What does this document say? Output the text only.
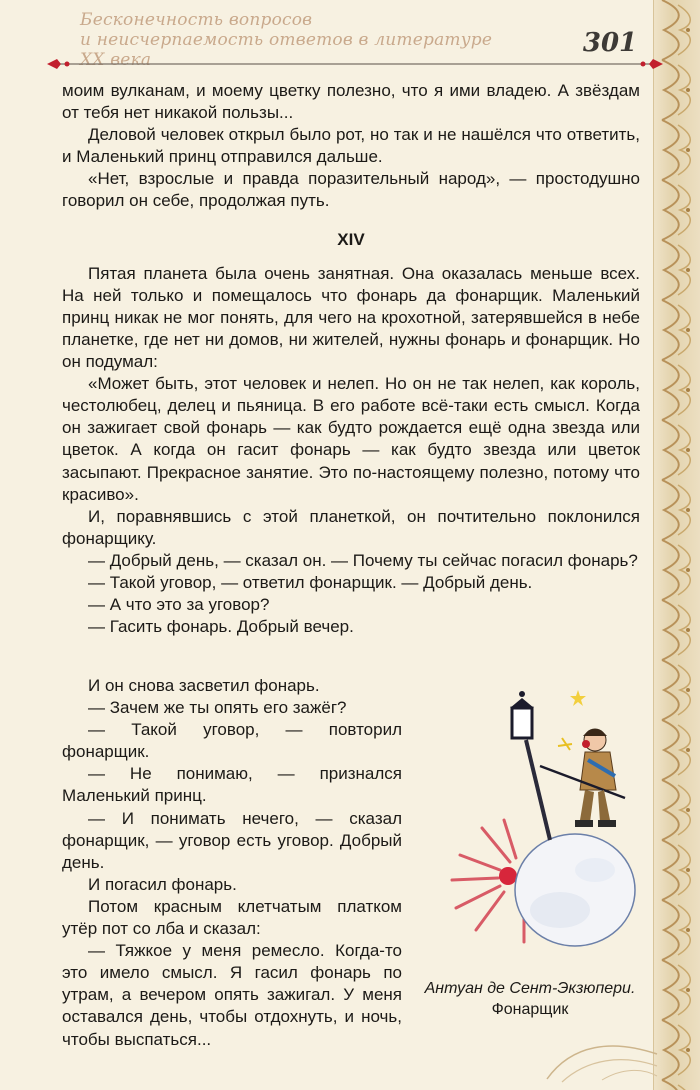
Бесконечность вопросов
и неисчерпаемость ответов в литературе XX века
301

моим вулканам, и моему цветку полезно, что я ими владею. А звёздам от тебя нет никакой пользы...

Деловой человек открыл было рот, но так и не нашёлся что ответить, и Маленький принц отправился дальше.

«Нет, взрослые и правда поразительный народ», — простодушно говорил он себе, продолжая путь.

XIV

Пятая планета была очень занятная. Она оказалась меньше всех. На ней только и помещалось что фонарь да фонарщик. Маленький принц никак не мог понять, для чего на крохотной, затерявшейся в небе планетке, где нет ни домов, ни жителей, нужны фонарь и фонарщик. Но он подумал:

«Может быть, этот человек и нелеп. Но он не так нелеп, как король, честолюбец, делец и пьяница. В его работе всё-таки есть смысл. Когда он зажигает свой фонарь — как будто рождается ещё одна звезда или цветок. А когда он гасит фонарь — как будто звезда или цветок засыпают. Прекрасное занятие. Это по-настоящему полезно, потому что красиво».

И, поравнявшись с этой планеткой, он почтительно поклонился фонарщику.

— Добрый день, — сказал он. — Почему ты сейчас погасил фонарь?

— Такой уговор, — ответил фонарщик. — Добрый день.

— А что это за уговор?

— Гасить фонарь. Добрый вечер.

И он снова засветил фонарь.

— Зачем же ты опять его зажёг?

— Такой уговор, — повторил фонарщик.

— Не понимаю, — признался Маленький принц.

— И понимать нечего, — сказал фонарщик, — уговор есть уговор. Добрый день.

И погасил фонарь.

Потом красным клетчатым платком утёр пот со лба и сказал:

— Тяжкое у меня ремесло. Когда-то это имело смысл. Я гасил фонарь по утрам, а вечером опять зажигал. У меня оставался день, чтобы отдохнуть, и ночь, чтобы выспаться...

Антуан де Сент-Экзюпери.
Фонарщик
